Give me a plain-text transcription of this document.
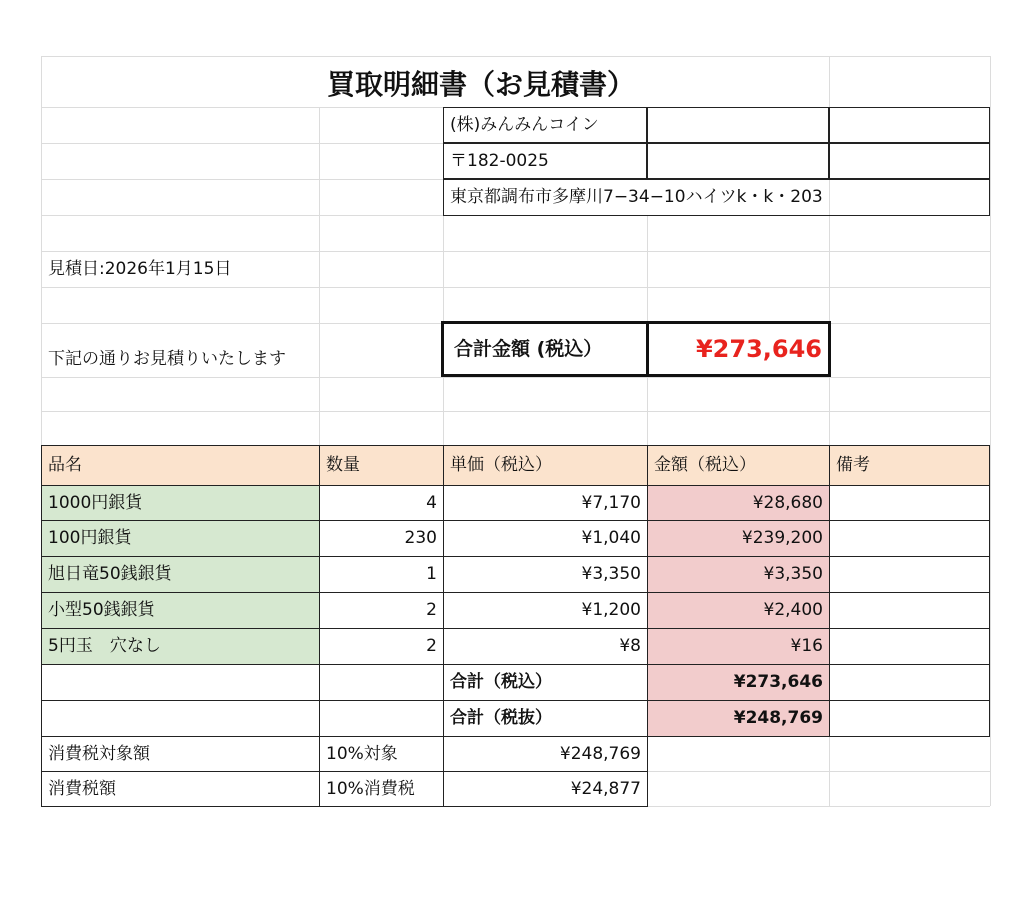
買取明細書（お見積書）
(株)みんみんコイン
〒182-0025
東京都調布市多摩川7−34−10ハイツk・k・203
見積日:2026年1月15日
下記の通りお見積りいたします	合計金額 (税込）	¥273,646
品名	数量	単価（税込）	金額（税込）	備考
1000円銀貨	4	¥7,170	¥28,680
100円銀貨	230	¥1,040	¥239,200
旭日竜50銭銀貨	1	¥3,350	¥3,350
小型50銭銀貨	2	¥1,200	¥2,400
5円玉　穴なし	2	¥8	¥16
合計（税込）	¥273,646
合計（税抜）	¥248,769
消費税対象額	10%対象	¥248,769
消費税額	10%消費税	¥24,877
